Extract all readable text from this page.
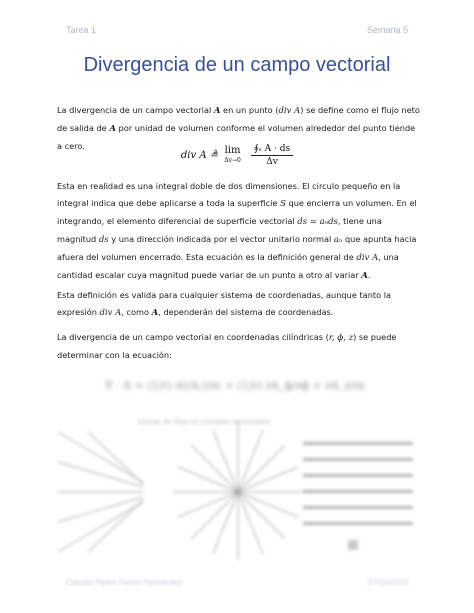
Tarea 1	Semana 5
Divergencia de un campo vectorial
La divergencia de un campo vectorial A en un punto (div A) se define como el flujo neto de salida de A por unidad de volumen conforme el volumen alrededor del punto tiende a cero.
div A ≜ lim
Δv→0
$\frac{\text{∮ₛ A · ds}}{\Delta v}$
Esta en realidad es una integral doble de dos dimensiones. El circulo pequeño en la integral indica que debe aplicarse a toda la superficie S que encierra un volumen. En el integrando, el elemento diferencial de superficie vectorial ds = aₙds, tiene una magnitud ds y una dirección indicada por el vector unitario normal aₙ que apunta hacia afuera del volumen encerrado. Esta ecuación es la definición general de div A, una cantidad escalar cuya magnitud puede variar de un punto a otro al variar A.
Esta definición es valida para cualquier sistema de coordenadas, aunque tanto la expresión div A, como A, dependerán del sistema de coordenadas.
La divergencia de un campo vectorial en coordenadas cilíndricas (r, ϕ, z) se puede determinar con la ecuación:
∇ · A = (1/r) ∂(rAᵣ)/∂r + (1/r) ∂A_ϕ/∂ϕ + ∂A_z/∂z
Líneas de flujo en campos vectoriales
Claudio Pedro Flores Hernández	27/03/2023
